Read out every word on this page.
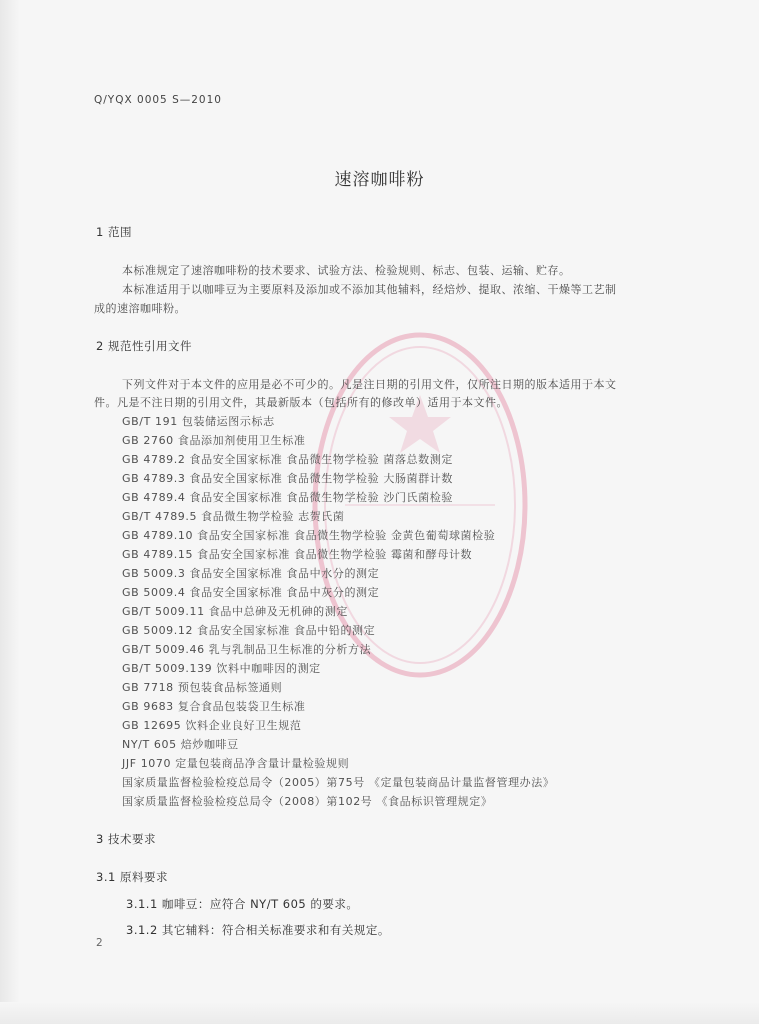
Q/YQX 0005 S—2010
速溶咖啡粉
1 范围
本标准规定了速溶咖啡粉的技术要求、试验方法、检验规则、标志、包装、运输、贮存。
本标准适用于以咖啡豆为主要原料及添加或不添加其他辅料，经焙炒、提取、浓缩、干燥等工艺制
成的速溶咖啡粉。
2 规范性引用文件
下列文件对于本文件的应用是必不可少的。凡是注日期的引用文件，仅所注日期的版本适用于本文
件。凡是不注日期的引用文件，其最新版本（包括所有的修改单）适用于本文件。
GB/T 191 包装储运图示标志
GB 2760 食品添加剂使用卫生标准
GB 4789.2 食品安全国家标准 食品微生物学检验 菌落总数测定
GB 4789.3 食品安全国家标准 食品微生物学检验 大肠菌群计数
GB 4789.4 食品安全国家标准 食品微生物学检验 沙门氏菌检验
GB/T 4789.5 食品微生物学检验 志贺氏菌
GB 4789.10 食品安全国家标准 食品微生物学检验 金黄色葡萄球菌检验
GB 4789.15 食品安全国家标准 食品微生物学检验 霉菌和酵母计数
GB 5009.3 食品安全国家标准 食品中水分的测定
GB 5009.4 食品安全国家标准 食品中灰分的测定
GB/T 5009.11 食品中总砷及无机砷的测定
GB 5009.12 食品安全国家标准 食品中铅的测定
GB/T 5009.46 乳与乳制品卫生标准的分析方法
GB/T 5009.139 饮料中咖啡因的测定
GB 7718 预包装食品标签通则
GB 9683 复合食品包装袋卫生标准
GB 12695 饮料企业良好卫生规范
NY/T 605 焙炒咖啡豆
JJF 1070 定量包装商品净含量计量检验规则
国家质量监督检验检疫总局令（2005）第75号 《定量包装商品计量监督管理办法》
国家质量监督检验检疫总局令（2008）第102号 《食品标识管理规定》
3 技术要求
3.1 原料要求
3.1.1 咖啡豆：应符合 NY/T 605 的要求。
3.1.2 其它辅料：符合相关标准要求和有关规定。
2
